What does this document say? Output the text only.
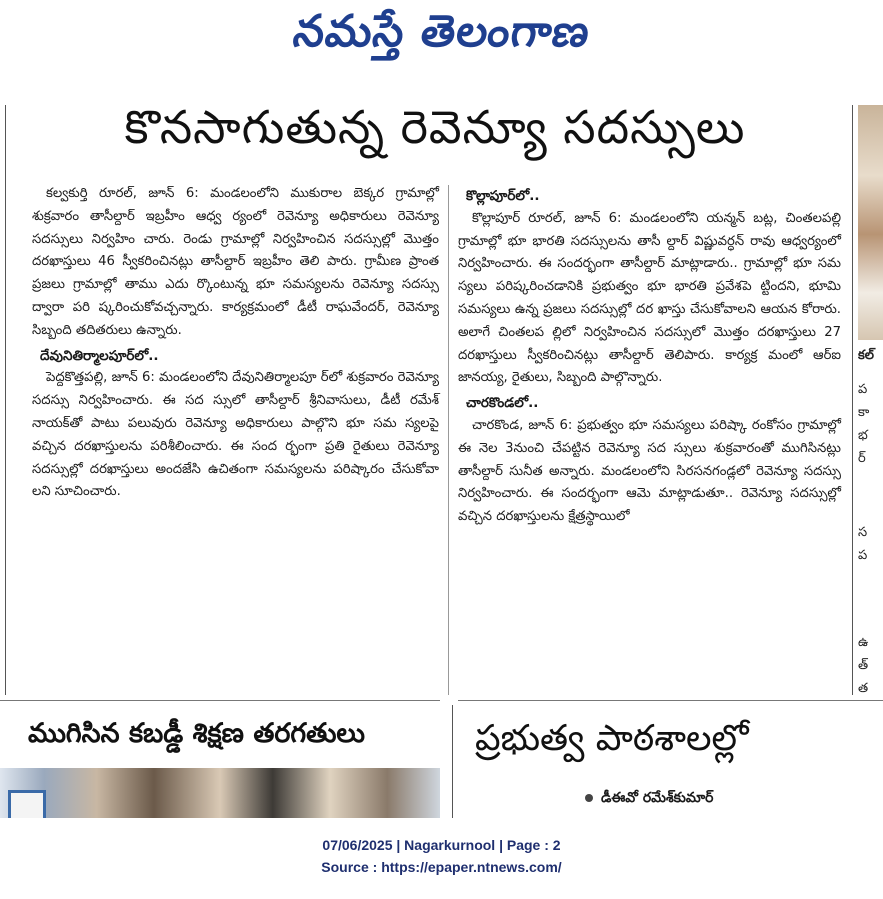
నమస్తే తెలంగాణ
కొనసాగుతున్న రెవెన్యూ సదస్సులు

కల్వకుర్తి రూరల్, జూన్ 6: మండలంలోని ముకురాల బెక్కర గ్రామాల్లో శుక్రవారం తాసీల్దార్ ఇబ్రహీం ఆధ్వ ర్యంలో రెవెన్యూ అధికారులు రెవెన్యూ సదస్సులు నిర్వహిం చారు. రెండు గ్రామాల్లో నిర్వహించిన సదస్సుల్లో మొత్తం దరఖాస్తులు 46 స్వీకరించినట్లు తాసీల్దార్ ఇబ్రహీం తెలి పారు. గ్రామీణ ప్రాంత ప్రజలు గ్రామాల్లో తాము ఎదు ర్కొంటున్న భూ సమస్యలను రెవెన్యూ సదస్సు ద్వారా పరి ష్కరించుకోవచ్చన్నారు. కార్యక్రమంలో డీటీ రాఘవేందర్, రెవెన్యూ సిబ్బంది తదితరులు ఉన్నారు.

దేవునితిర్మాలపూర్‌లో..

పెద్దకొత్తపల్లి, జూన్ 6: మండలంలోని దేవునితిర్మాలపూ ర్‌లో శుక్రవారం రెవెన్యూ సదస్సు నిర్వహించారు. ఈ సద స్సులో తాసీల్దార్ శ్రీనివాసులు, డీటీ రమేశ్ నాయక్‌తో పాటు పలువురు రెవెన్యూ అధికారులు పాల్గొని భూ సమ స్యలపై వచ్చిన దరఖాస్తులను పరిశీలించారు. ఈ సంద ర్భంగా ప్రతి రైతులు రెవెన్యూ సదస్సుల్లో దరఖాస్తులు అందజేసి ఉచితంగా సమస్యలను పరిష్కారం చేసుకోవా లని సూచించారు.

కొల్లాపూర్‌లో..

కొల్లాపూర్ రూరల్, జూన్ 6: మండలంలోని యన్మన్ బట్ల, చింతలపల్లి గ్రామాల్లో భూ భారతి సదస్సులను తాసీ ల్దార్ విష్ణువర్ధన్ రావు ఆధ్వర్యంలో నిర్వహించారు. ఈ సందర్భంగా తాసీల్దార్ మాట్లాడారు.. గ్రామాల్లో భూ సమ స్యలు పరిష్కరించడానికి ప్రభుత్వం భూ భారతి ప్రవేశపె ట్టిందని, భూమి సమస్యలు ఉన్న ప్రజలు సదస్సుల్లో దర ఖాస్తు చేసుకోవాలని ఆయన కోరారు. అలాగే చింతలప ల్లిలో నిర్వహించిన సదస్సులో మొత్తం దరఖాస్తులు 27 దరఖాస్తులు స్వీకరించినట్లు తాసీల్దార్ తెలిపారు. కార్యక్ర మంలో ఆర్ఐ జానయ్య, రైతులు, సిబ్బంది పాల్గొన్నారు.

చారకొండలో..

చారకొండ, జూన్ 6: ప్రభుత్వం భూ సమస్యలు పరిష్కా రంకోసం గ్రామాల్లో ఈ నెల 3నుంచి చేపట్టిన రెవెన్యూ సద స్సులు శుక్రవారంతో ముగిసినట్లు తాసీల్దార్ సునీత అన్నారు. మండలంలోని సిరసనగండ్లలో రెవెన్యూ సదస్సు నిర్వహించారు. ఈ సందర్భంగా ఆమె మాట్లాడుతూ.. రెవెన్యూ సదస్సుల్లో వచ్చిన దరఖాస్తులను క్షేత్రస్థాయిలో

కల్
ప
కా
భ
ర్
ఉ
త్
త
స
ప
ముగిసిన కబడ్డీ శిక్షణ తరగతులు	ప్రభుత్వ పాఠశాలల్లో
డీఈవో రమేశ్‌కుమార్
07/06/2025 | Nagarkurnool | Page : 2
Source : https://epaper.ntnews.com/
